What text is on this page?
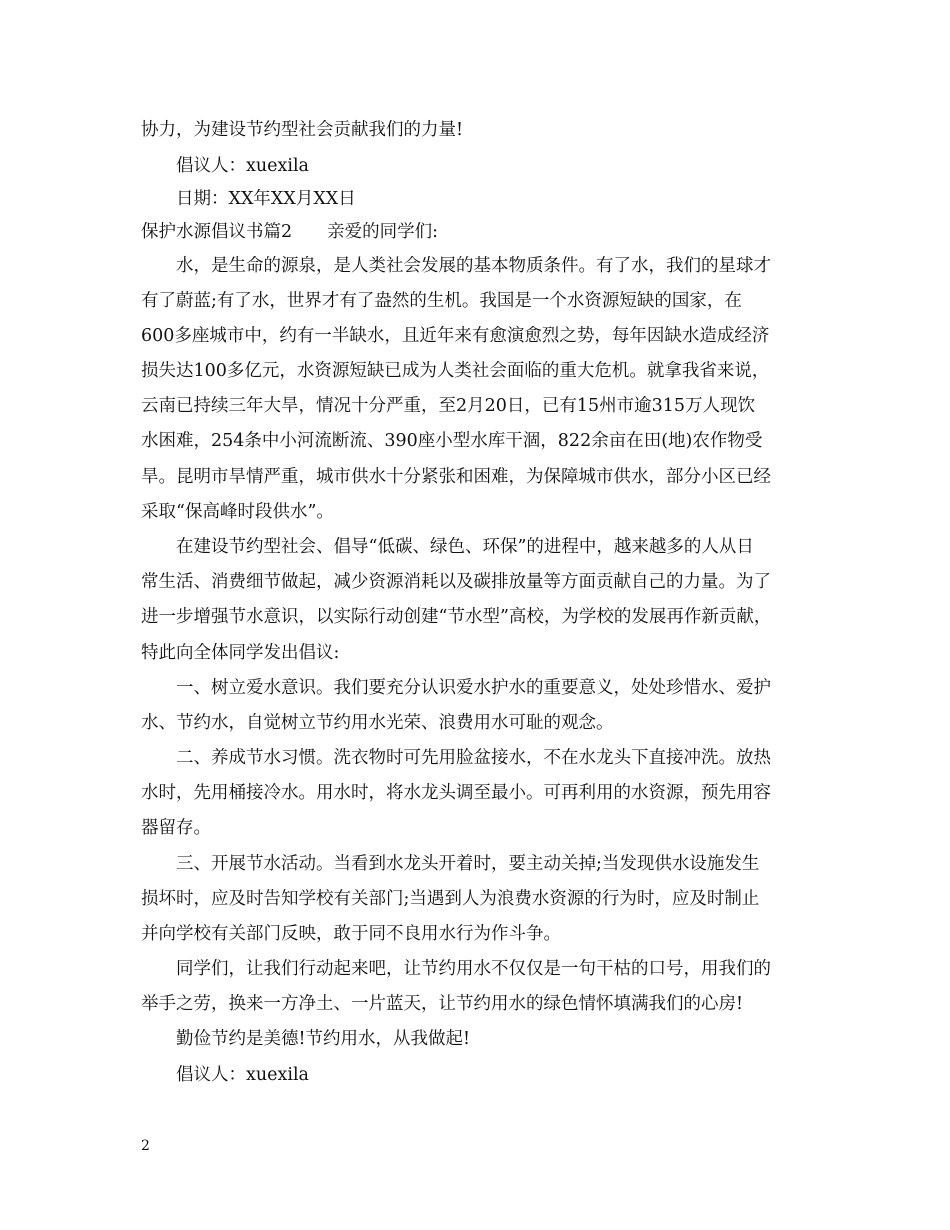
协力，为建设节约型社会贡献我们的力量!
倡议人：xuexila
日期：XX年XX月XX日
保护水源倡议书篇2　　亲爱的同学们:
水，是生命的源泉，是人类社会发展的基本物质条件。有了水，我们的星球才
有了蔚蓝;有了水，世界才有了盎然的生机。我国是一个水资源短缺的国家，在
600多座城市中，约有一半缺水，且近年来有愈演愈烈之势，每年因缺水造成经济
损失达100多亿元，水资源短缺已成为人类社会面临的重大危机。就拿我省来说，
云南已持续三年大旱，情况十分严重，至2月20日，已有15州市逾315万人现饮
水困难，254条中小河流断流、390座小型水库干涸，822余亩在田(地)农作物受
旱。昆明市旱情严重，城市供水十分紧张和困难，为保障城市供水，部分小区已经
采取“保高峰时段供水”。
在建设节约型社会、倡导“低碳、绿色、环保”的进程中，越来越多的人从日
常生活、消费细节做起，减少资源消耗以及碳排放量等方面贡献自己的力量。为了
进一步增强节水意识，以实际行动创建“节水型”高校，为学校的发展再作新贡献，
特此向全体同学发出倡议:
一、树立爱水意识。我们要充分认识爱水护水的重要意义，处处珍惜水、爱护
水、节约水，自觉树立节约用水光荣、浪费用水可耻的观念。
二、养成节水习惯。洗衣物时可先用脸盆接水，不在水龙头下直接冲洗。放热
水时，先用桶接冷水。用水时，将水龙头调至最小。可再利用的水资源，预先用容
器留存。
三、开展节水活动。当看到水龙头开着时，要主动关掉;当发现供水设施发生
损坏时，应及时告知学校有关部门;当遇到人为浪费水资源的行为时，应及时制止
并向学校有关部门反映，敢于同不良用水行为作斗争。
同学们，让我们行动起来吧，让节约用水不仅仅是一句干枯的口号，用我们的
举手之劳，换来一方净土、一片蓝天，让节约用水的绿色情怀填满我们的心房!
勤俭节约是美德!节约用水，从我做起!
倡议人：xuexila
2
